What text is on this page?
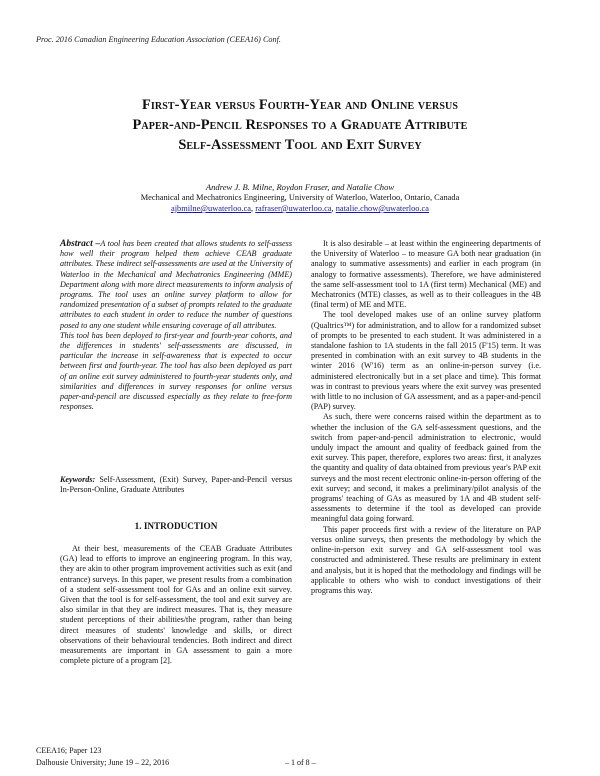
Proc. 2016 Canadian Engineering Education Association (CEEA16) Conf.
First-Year versus Fourth-Year and Online versus
Paper-and-Pencil Responses to a Graduate Attribute
Self-Assessment Tool and Exit Survey
Andrew J. B. Milne, Roydon Fraser, and Natalie Chow
Mechanical and Mechatronics Engineering, University of Waterloo, Waterloo, Ontario, Canada
ajbmilne@uwaterloo.ca, rafraser@uwaterloo.ca, natalie.chow@uwaterloo.ca

Abstract –A tool has been created that allows students to self-assess how well their program helped them achieve CEAB graduate attributes. These indirect self-assessments are used at the University of Waterloo in the Mechanical and Mechatronics Engineering (MME) Department along with more direct measurements to inform analysis of programs. The tool uses an online survey platform to allow for randomized presentation of a subset of prompts related to the graduate attributes to each student in order to reduce the number of questions posed to any one student while ensuring coverage of all attributes.

This tool has been deployed to first-year and fourth-year cohorts, and the differences in students' self-assessments are discussed, in particular the increase in self-awareness that is expected to occur between first and fourth-year. The tool has also been deployed as part of an online exit survey administered to fourth-year students only, and similarities and differences in survey responses for online versus paper-and-pencil are discussed especially as they relate to free-form responses.

Keywords: Self-Assessment, (Exit) Survey, Paper-and-Pencil versus In-Person-Online, Graduate Attributes

1. INTRODUCTION

At their best, measurements of the CEAB Graduate Attributes (GA) lead to efforts to improve an engineering program. In this way, they are akin to other program improvement activities such as exit (and entrance) surveys. In this paper, we present results from a combination of a student self-assessment tool for GAs and an online exit survey. Given that the tool is for self-assessment, the tool and exit survey are also similar in that they are indirect measures. That is, they measure student perceptions of their abilities/the program, rather than being direct measures of students' knowledge and skills, or direct observations of their behavioural tendencies. Both indirect and direct measurements are important in GA assessment to gain a more complete picture of a program [2].

It is also desirable – at least within the engineering departments of the University of Waterloo – to measure GA both near graduation (in analogy to summative assessments) and earlier in each program (in analogy to formative assessments). Therefore, we have administered the same self-assessment tool to 1A (first term) Mechanical (ME) and Mechatronics (MTE) classes, as well as to their colleagues in the 4B (final term) of ME and MTE.

The tool developed makes use of an online survey platform (Qualtrics™) for administration, and to allow for a randomized subset of prompts to be presented to each student. It was administered in a standalone fashion to 1A students in the fall 2015 (F'15) term. It was presented in combination with an exit survey to 4B students in the winter 2016 (W'16) term as an online-in-person survey (i.e. administered electronically but in a set place and time). This format was in contrast to previous years where the exit survey was presented with little to no inclusion of GA assessment, and as a paper-and-pencil (PAP) survey.

As such, there were concerns raised within the department as to whether the inclusion of the GA self-assessment questions, and the switch from paper-and-pencil administration to electronic, would unduly impact the amount and quality of feedback gained from the exit survey. This paper, therefore, explores two areas: first, it analyzes the quantity and quality of data obtained from previous year's PAP exit surveys and the most recent electronic online-in-person offering of the exit survey; and second, it makes a preliminary/pilot analysis of the programs' teaching of GAs as measured by 1A and 4B student self-assessments to determine if the tool as developed can provide meaningful data going forward.

This paper proceeds first with a review of the literature on PAP versus online surveys, then presents the methodology by which the online-in-person exit survey and GA self-assessment tool was constructed and administered. These results are preliminary in extent and analysis, but it is hoped that the methodology and findings will be applicable to others who wish to conduct investigations of their programs this way.

CEEA16; Paper 123
Dalhousie University; June 19 – 22, 2016	– 1 of 8 –
